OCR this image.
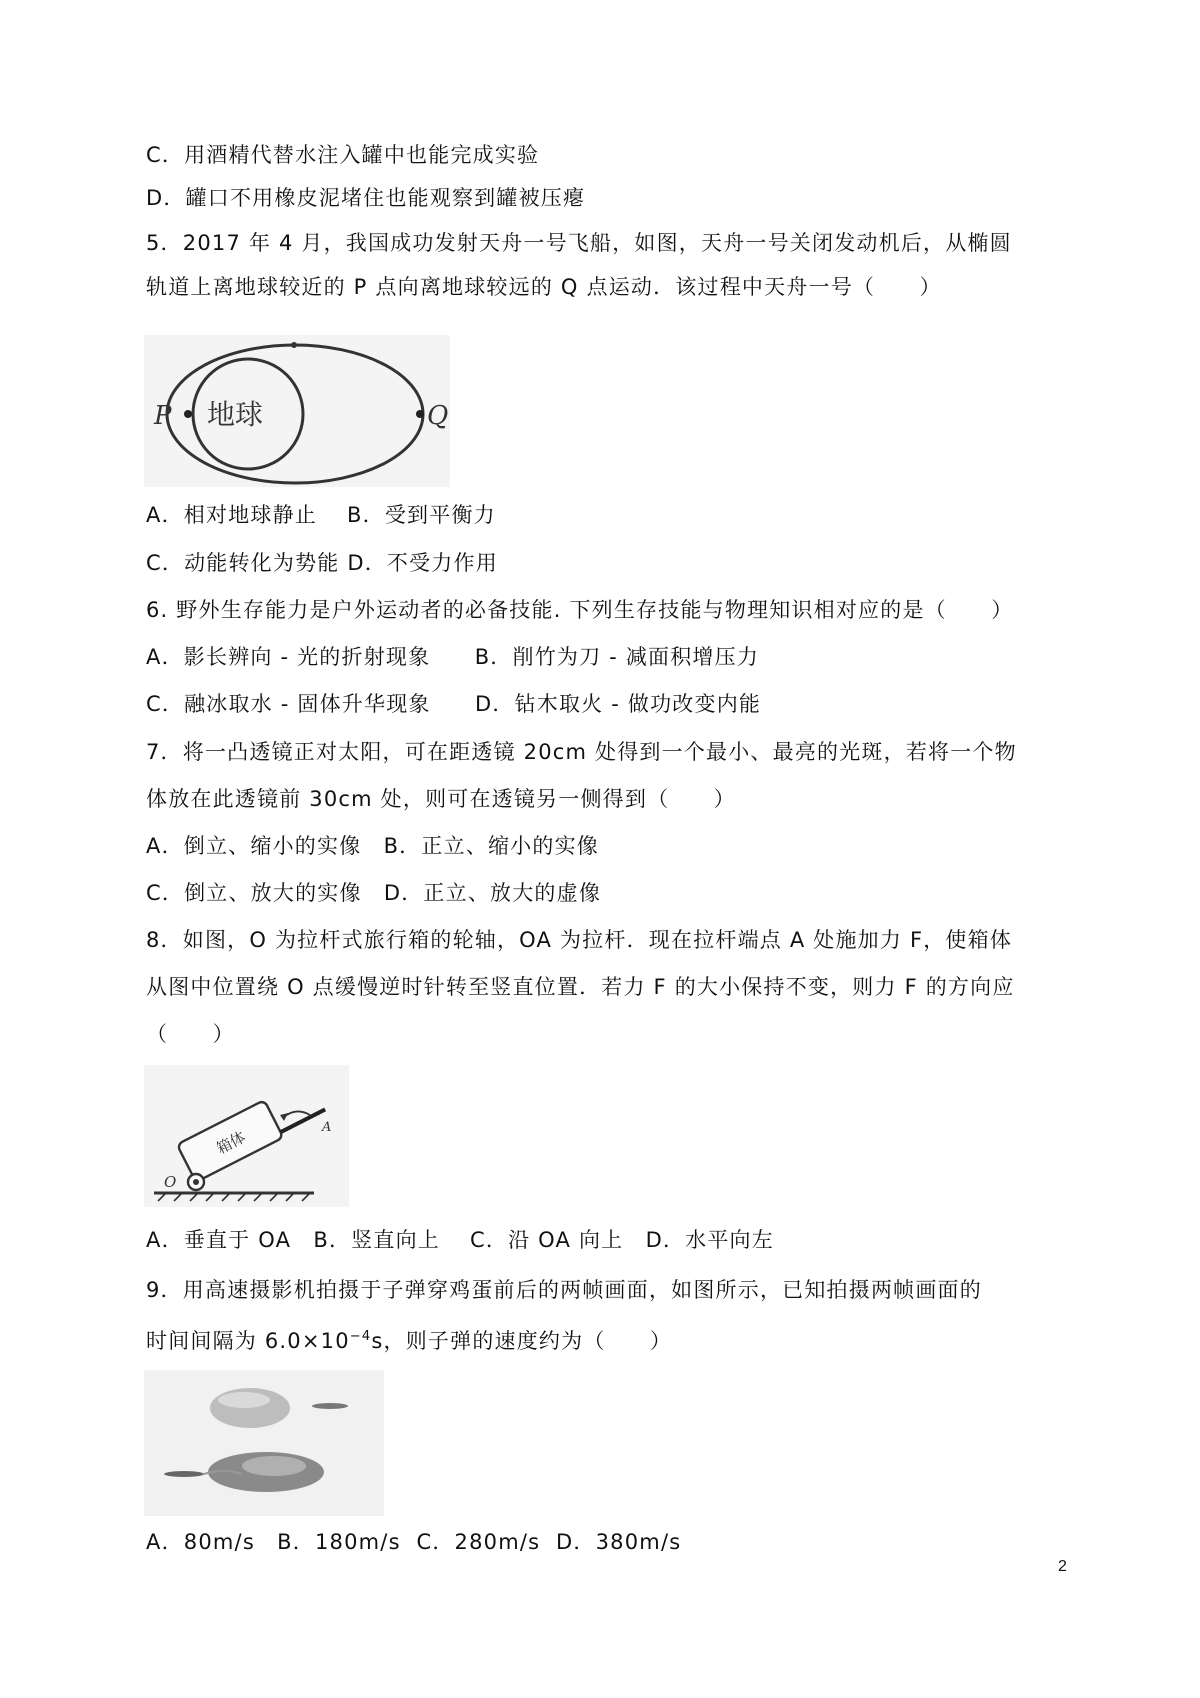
C．用酒精代替水注入罐中也能完成实验
D．罐口不用橡皮泥堵住也能观察到罐被压瘪
5．2017 年 4 月，我国成功发射天舟一号飞船，如图，天舟一号关闭发动机后，从椭圆
轨道上离地球较近的 P 点向离地球较远的 Q 点运动．该过程中天舟一号（　　）
地球
P	Q
A．相对地球静止　 B．受到平衡力
C．动能转化为势能 D．不受力作用
6. 野外生存能力是户外运动者的必备技能. 下列生存技能与物理知识相对应的是（　　）
A．影长辨向 - 光的折射现象　　B．削竹为刀 - 减面积增压力
C．融冰取水 - 固体升华现象　　D．钻木取火 - 做功改变内能
7．将一凸透镜正对太阳，可在距透镜 20cm 处得到一个最小、最亮的光斑，若将一个物
体放在此透镜前 30cm 处，则可在透镜另一侧得到（　　）
A．倒立、缩小的实像　B．正立、缩小的实像
C．倒立、放大的实像　D．正立、放大的虚像
8．如图，O 为拉杆式旅行箱的轮轴，OA 为拉杆．现在拉杆端点 A 处施加力 F，使箱体
从图中位置绕 O 点缓慢逆时针转至竖直位置．若力 F 的大小保持不变，则力 F 的方向应
（　　）
箱体
O
A
A．垂直于 OA　B．竖直向上　 C．沿 OA 向上　D．水平向左
9．用高速摄影机拍摄于子弹穿鸡蛋前后的两帧画面，如图所示，已知拍摄两帧画面的
时间间隔为 $6.0\times 10^{-4}s$，则子弹的速度约为（　　）
A．80m/s　B．180m/s  C．280m/s  D．380m/s
2
